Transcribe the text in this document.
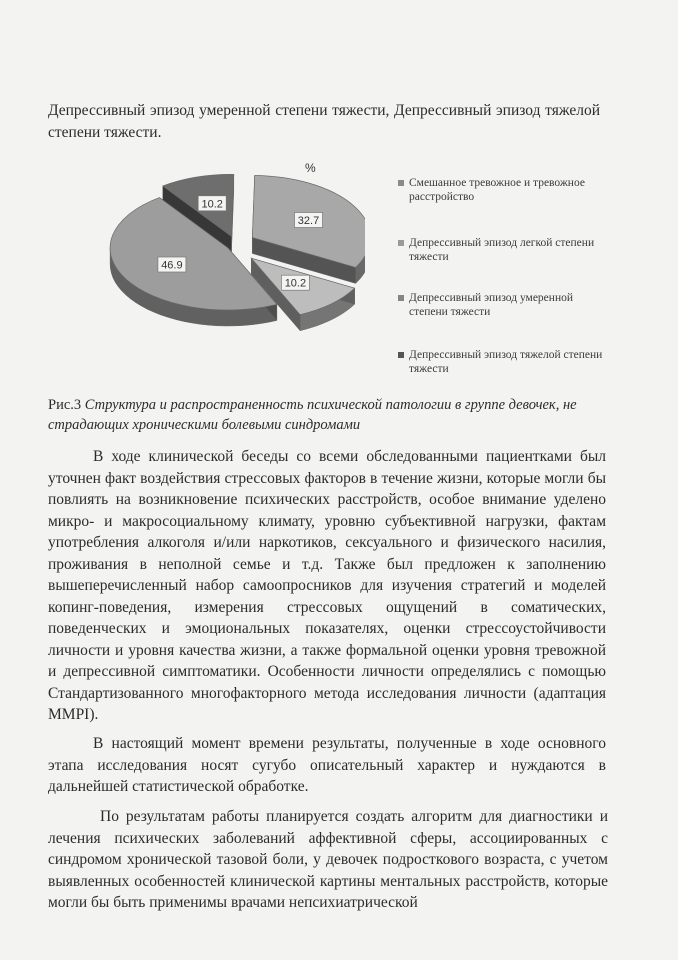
Депрессивный эпизод умеренной степени тяжести, Депрессивный эпизод тяжелой степени тяжести.

%
32.7
10.2
46.9
10.2
Смешанное тревожное и тревожное расстройство
Депрессивный эпизод легкой степени тяжести
Депрессивный эпизод умеренной степени тяжести
Депрессивный эпизод тяжелой степени тяжести
Рис.3 Структура и распространенность психической патологии в группе девочек, не страдающих хроническими болевыми синдромами

В ходе клинической беседы со всеми обследованными пациентками был уточнен факт воздействия стрессовых факторов в течение жизни, которые могли бы повлиять на возникновение психических расстройств, особое внимание уделено микро- и макросоциальному климату, уровню субъективной нагрузки, фактам употребления алкоголя и/или наркотиков, сексуального и физического насилия, проживания в неполной семье и т.д. Также был предложен к заполнению вышеперечисленный набор самоопросников для изучения стратегий и моделей копинг-поведения, измерения стрессовых ощущений в соматических, поведенческих и эмоциональных показателях, оценки стрессоустойчивости личности и уровня качества жизни, а также формальной оценки уровня тревожной и депрессивной симптоматики. Особенности личности определялись с помощью Стандартизованного многофакторного метода исследования личности (адаптация MMPI).

В настоящий момент времени результаты, полученные в ходе основного этапа исследования носят сугубо описательный характер и нуждаются в дальнейшей статистической обработке.

По результатам работы планируется создать алгоритм для диагностики и лечения психических заболеваний аффективной сферы, ассоциированных с синдромом хронической тазовой боли, у девочек подросткового возраста, с учетом выявленных особенностей клинической картины ментальных расстройств, которые могли бы быть применимы врачами непсихиатрической
